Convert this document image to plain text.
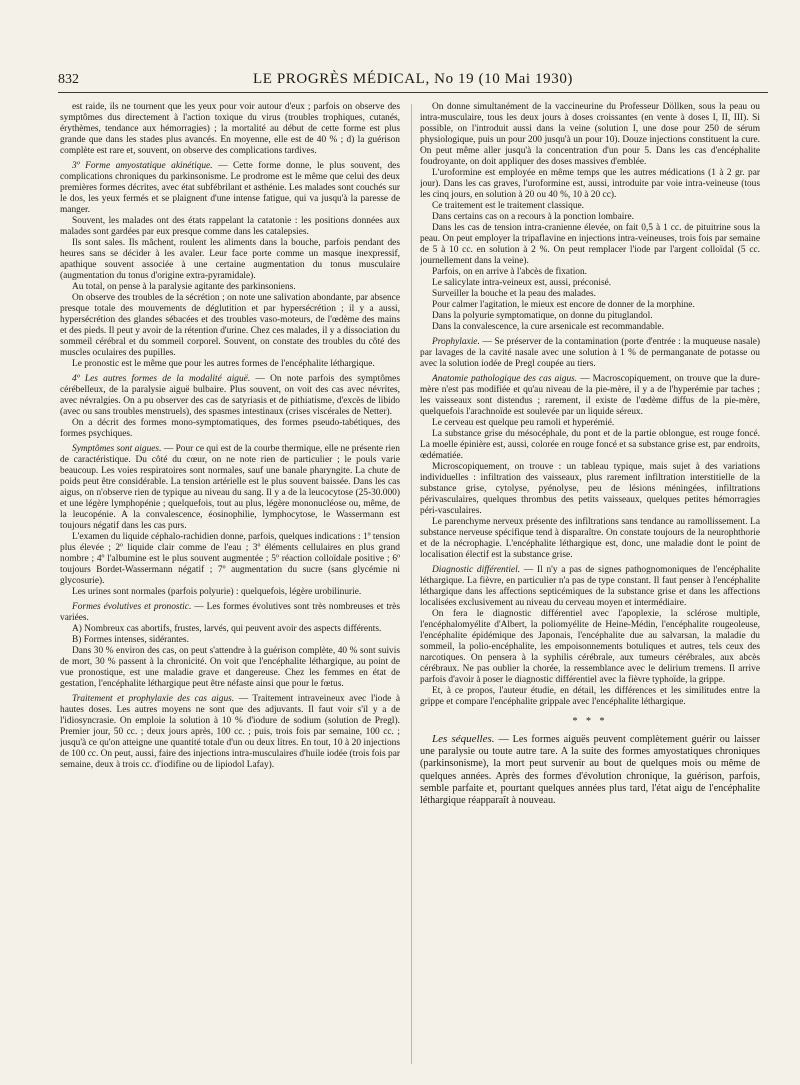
832	LE PROGRÈS MÉDICAL, No 19 (10 Mai 1930)

est raide, ils ne tournent que les yeux pour voir autour d'eux ; parfois on observe des symptômes dus directement à l'action toxique du virus (troubles trophiques, cutanés, érythèmes, tendance aux hémorragies) ; la mortalité au début de cette forme est plus grande que dans les stades plus avancés. En moyenne, elle est de 40 % ; d) la guérison complète est rare et, souvent, on observe des complications tardives.

3º Forme amyostatique akinétique. — Cette forme donne, le plus souvent, des complications chroniques du parkinsonisme. Le prodrome est le même que celui des deux premières formes décrites, avec état subfébrilant et asthénie. Les malades sont couchés sur le dos, les yeux fermés et se plaignent d'une intense fatigue, qui va jusqu'à la paresse de manger.

Souvent, les malades ont des états rappelant la catatonie : les positions données aux malades sont gardées par eux presque comme dans les catalepsies.

Ils sont sales. Ils mâchent, roulent les aliments dans la bouche, parfois pendant des heures sans se décider à les avaler. Leur face porte comme un masque inexpressif, apathique souvent associée à une certaine augmentation du tonus musculaire (augmentation du tonus d'origine extra-pyramidale).

Au total, on pense à la paralysie agitante des parkinsoniens.

On observe des troubles de la sécrétion ; on note une salivation abondante, par absence presque totale des mouvements de déglutition et par hypersécrétion ; il y a aussi, hypersécrétion des glandes sébacées et des troubles vaso-moteurs, de l'œdème des mains et des pieds. Il peut y avoir de la rétention d'urine. Chez ces malades, il y a dissociation du sommeil cérébral et du sommeil corporel. Souvent, on constate des troubles du côté des muscles oculaires des pupilles.

Le pronostic est le même que pour les autres formes de l'encéphalite léthargique.

4º Les autres formes de la modalité aiguë. — On note parfois des symptômes cérébelleux, de la paralysie aiguë bulbaire. Plus souvent, on voit des cas avec névrites, avec névralgies. On a pu observer des cas de satyriasis et de pithiatisme, d'excès de libido (avec ou sans troubles menstruels), des spasmes intestinaux (crises viscérales de Netter).

On a décrit des formes mono-symptomatiques, des formes pseudo-tabétiques, des formes psychiques.

Symptômes sont aigues. — Pour ce qui est de la courbe thermique, elle ne présente rien de caractéristique. Du côté du cœur, on ne note rien de particulier ; le pouls varie beaucoup. Les voies respiratoires sont normales, sauf une banale pharyngite. La chute de poids peut être considérable. La tension artérielle est le plus souvent baissée. Dans les cas aigus, on n'observe rien de typique au niveau du sang. Il y a de la leucocytose (25-30.000) et une légère lymphopénie ; quelquefois, tout au plus, légère mononucléose ou, même, de la leucopénie. A la convalescence, éosinophilie, lymphocytose, le Wassermann est toujours négatif dans les cas purs.

L'examen du liquide céphalo-rachidien donne, parfois, quelques indications : 1º tension plus élevée ; 2º liquide clair comme de l'eau ; 3º éléments cellulaires en plus grand nombre ; 4º l'albumine est le plus souvent augmentée ; 5º réaction colloïdale positive ; 6º toujours Bordet-Wassermann négatif ; 7º augmentation du sucre (sans glycémie ni glycosurie).

Les urines sont normales (parfois polyurie) : quelquefois, légère urobilinurie.

Formes évolutives et pronostic. — Les formes évolutives sont très nombreuses et très variées.

A) Nombreux cas abortifs, frustes, larvés, qui peuvent avoir des aspects différents.

B) Formes intenses, sidérantes.

Dans 30 % environ des cas, on peut s'attendre à la guérison complète, 40 % sont suivis de mort, 30 % passent à la chronicité. On voit que l'encéphalite léthargique, au point de vue pronostique, est une maladie grave et dangereuse. Chez les femmes en état de gestation, l'encéphalite léthargique peut être néfaste ainsi que pour le fœtus.

Traitement et prophylaxie des cas aigus. — Traitement intraveineux avec l'iode à hautes doses. Les autres moyens ne sont que des adjuvants. Il faut voir s'il y a de l'idiosyncrasie. On emploie la solution à 10 % d'iodure de sodium (solution de Pregl). Premier jour, 50 cc. ; deux jours après, 100 cc. ; puis, trois fois par semaine, 100 cc. ; jusqu'à ce qu'on atteigne une quantité totale d'un ou deux litres. En tout, 10 à 20 injections de 100 cc. On peut, aussi, faire des injections intra-musculaires d'huile iodée (trois fois par semaine, deux à trois cc. d'iodifine ou de lipiodol Lafay).

On donne simultanément de la vaccineurine du Professeur Döllken, sous la peau ou intra-musculaire, tous les deux jours à doses croissantes (en vente à doses I, II, III). Si possible, on l'introduit aussi dans la veine (solution I, une dose pour 250 de sérum physiologique, puis un pour 200 jusqu'à un pour 10). Douze injections constituent la cure. On peut même aller jusqu'à la concentration d'un pour 5. Dans les cas d'encéphalite foudroyante, on doit appliquer des doses massives d'emblée.

L'uroformine est employée en même temps que les autres médications (1 à 2 gr. par jour). Dans les cas graves, l'uroformine est, aussi, introduite par voie intra-veineuse (tous les cinq jours, en solution à 20 ou 40 %, 10 à 20 cc).

Ce traitement est le traitement classique.

Dans certains cas on a recours à la ponction lombaire.

Dans les cas de tension intra-cranienne élevée, on fait 0,5 à 1 cc. de pituitrine sous la peau. On peut employer la tripaflavine en injections intra-veineuses, trois fois par semaine de 5 à 10 cc. en solution à 2 %. On peut remplacer l'iode par l'argent colloïdal (5 cc. journellement dans la veine).

Parfois, on en arrive à l'abcès de fixation.

Le salicylate intra-veineux est, aussi, préconisé.

Surveiller la bouche et la peau des malades.

Pour calmer l'agitation, le mieux est encore de donner de la morphine.

Dans la polyurie symptomatique, on donne du pituglandol.

Dans la convalescence, la cure arsenicale est recommandable.

Prophylaxie. — Se préserver de la contamination (porte d'entrée : la muqueuse nasale) par lavages de la cavité nasale avec une solution à 1 % de permanganate de potasse ou avec la solution iodée de Pregl coupée au tiers.

Anatomie pathologique des cas aigus. — Macroscopiquement, on trouve que la dure-mère n'est pas modifiée et qu'au niveau de la pie-mère, il y a de l'hyperémie par taches ; les vaisseaux sont distendus ; rarement, il existe de l'œdème diffus de la pie-mère, quelquefois l'arachnoïde est soulevée par un liquide séreux.

Le cerveau est quelque peu ramoli et hyperémié.

La substance grise du mésocéphale, du pont et de la partie oblongue, est rouge foncé. La moelle épinière est, aussi, colorée en rouge foncé et sa substance grise est, par endroits, œdématiée.

Microscopiquement, on trouve : un tableau typique, mais sujet à des variations individuelles : infiltration des vaisseaux, plus rarement infiltration interstitielle de la substance grise, cytolyse, pyénolyse, peu de lésions méningées, infiltrations périvasculaires, quelques thrombus des petits vaisseaux, quelques petites hémorragies péri-vasculaires.

Le parenchyme nerveux présente des infiltrations sans tendance au ramollissement. La substance nerveuse spécifique tend à disparaître. On constate toujours de la neurophthorie et de la nécrophagie. L'encéphalite léthargique est, donc, une maladie dont le point de localisation électif est la substance grise.

Diagnostic différentiel. — Il n'y a pas de signes pathognomoniques de l'encéphalite léthargique. La fièvre, en particulier n'a pas de type constant. Il faut penser à l'encéphalite léthargique dans les affections septicémiques de la substance grise et dans les affections localisées exclusivement au niveau du cerveau moyen et intermédiaire.

On fera le diagnostic différentiel avec l'apoplexie, la sclérose multiple, l'encéphalomyélite d'Albert, la poliomyélite de Heine-Médin, l'encéphalite rougeoleuse, l'encéphalite épidémique des Japonais, l'encéphalite due au salvarsan, la maladie du sommeil, la polio-encéphalite, les empoisonnements botuliques et autres, tels ceux des narcotiques. On pensera à la syphilis cérébrale, aux tumeurs cérébrales, aux abcès cérébraux. Ne pas oublier la chorée, la ressemblance avec le delirium tremens. Il arrive parfois d'avoir à poser le diagnostic différentiel avec la fièvre typhoïde, la grippe.

Et, à ce propos, l'auteur étudie, en détail, les différences et les similitudes entre la grippe et compare l'encéphalite grippale avec l'encéphalite léthargique.

* * *

Les séquelles. — Les formes aiguës peuvent complètement guérir ou laisser une paralysie ou toute autre tare. A la suite des formes amyostatiques chroniques (parkinsonisme), la mort peut survenir au bout de quelques mois ou même de quelques années. Après des formes d'évolution chronique, la guérison, parfois, semble parfaite et, pourtant quelques années plus tard, l'état aigu de l'encéphalite léthargique réapparaît à nouveau.
